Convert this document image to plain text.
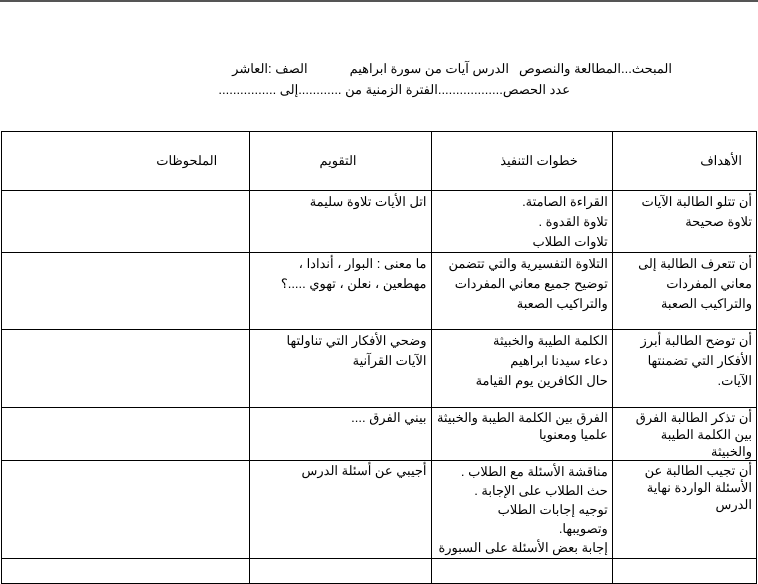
المبحث...المطالعة والنصوصالدرس آيات من سورة ابراهيمالصف :العاشر
عدد الحصص..................الفترة الزمنية من ............إلى ................
الأهداف	خطوات التنفيذ	التقويم	الملحوظات

أن تتلو الطالبة الآيات
تلاوة صحيحة	القراءة الصامتة.
تلاوة القدوة .
تلاوات الطلاب	اتل الأيات تلاوة سليمة	

أن تتعرف الطالبة إلى
معاني المفردات
والتراكيب الصعبة	التلاوة التفسيرية والتي تتضمن
توضيح جميع معاني المفردات
والتراكيب الصعبة	ما معنى : البوار ، أندادا ،
مهطعين ، نعلن ، تهوي .....؟	

أن توضح الطالبة أبرز
الأفكار التي تضمنتها
الآيات.	الكلمة الطيبة والخبيثة
دعاء سيدنا ابراهيم
حال الكافرين يوم القيامة	وضحي الأفكار التي تناولتها
الآيات القرآنية	

أن تذكر الطالبة الفرق
بين الكلمة الطيبة والخبيثة	الفرق بين الكلمة الطيبة والخبيثة
علميا ومعنويا	بيني الفرق ....	

أن تجيب الطالبة عن
الأسئلة الواردة نهاية
الدرس	مناقشة الأسئلة مع الطلاب .
حث الطلاب على الإجابة .
توجيه إجابات الطلاب
وتصويبها.
إجابة بعض الأسئلة على السبورة	أجيبي عن أسئلة الدرس	
